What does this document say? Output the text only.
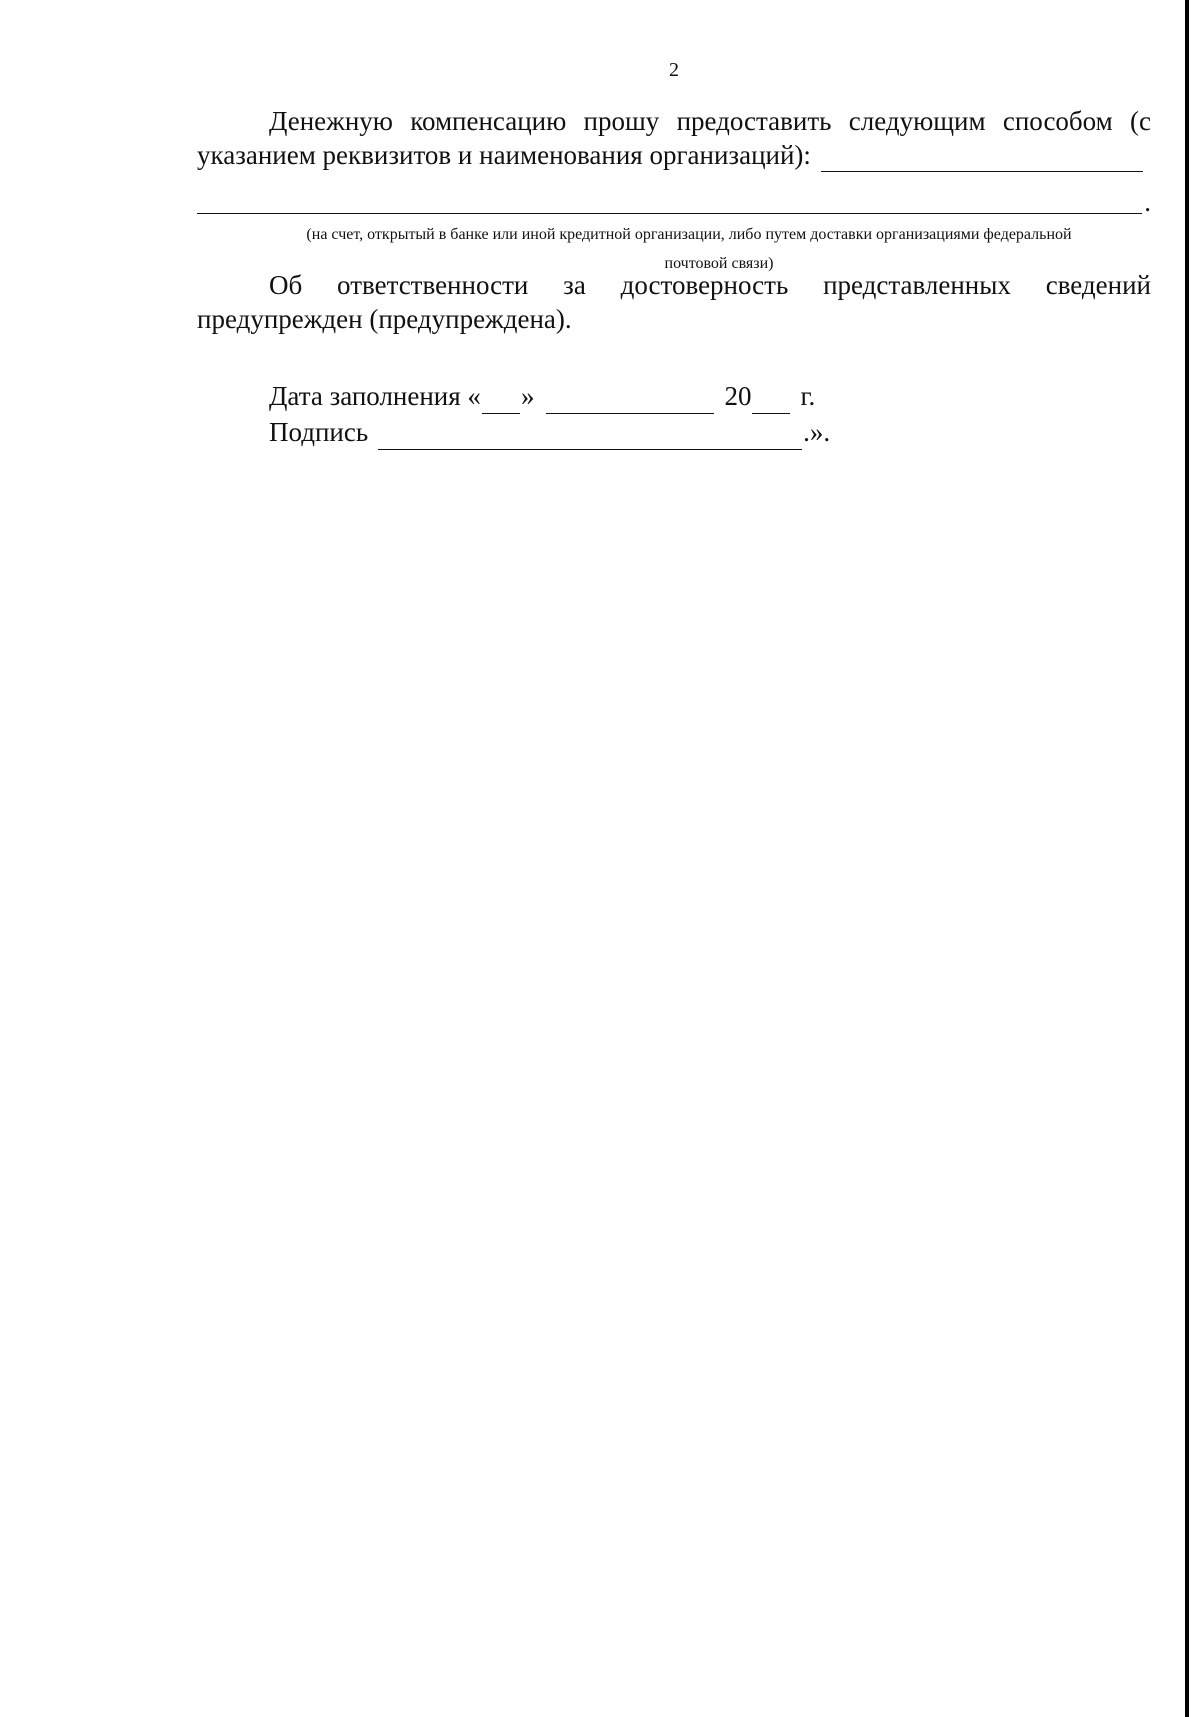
2
Денежную компенсацию прошу предоставить следующим способом (с
указанием реквизитов и наименования организаций):
.
(на счет, открытый в банке или иной кредитной организации, либо путем доставки организациями федеральной
почтовой связи)
Об ответственности за достоверность представленных сведений
предупрежден (предупреждена).
Дата заполнения « »	20 г.
Подпись	.».
